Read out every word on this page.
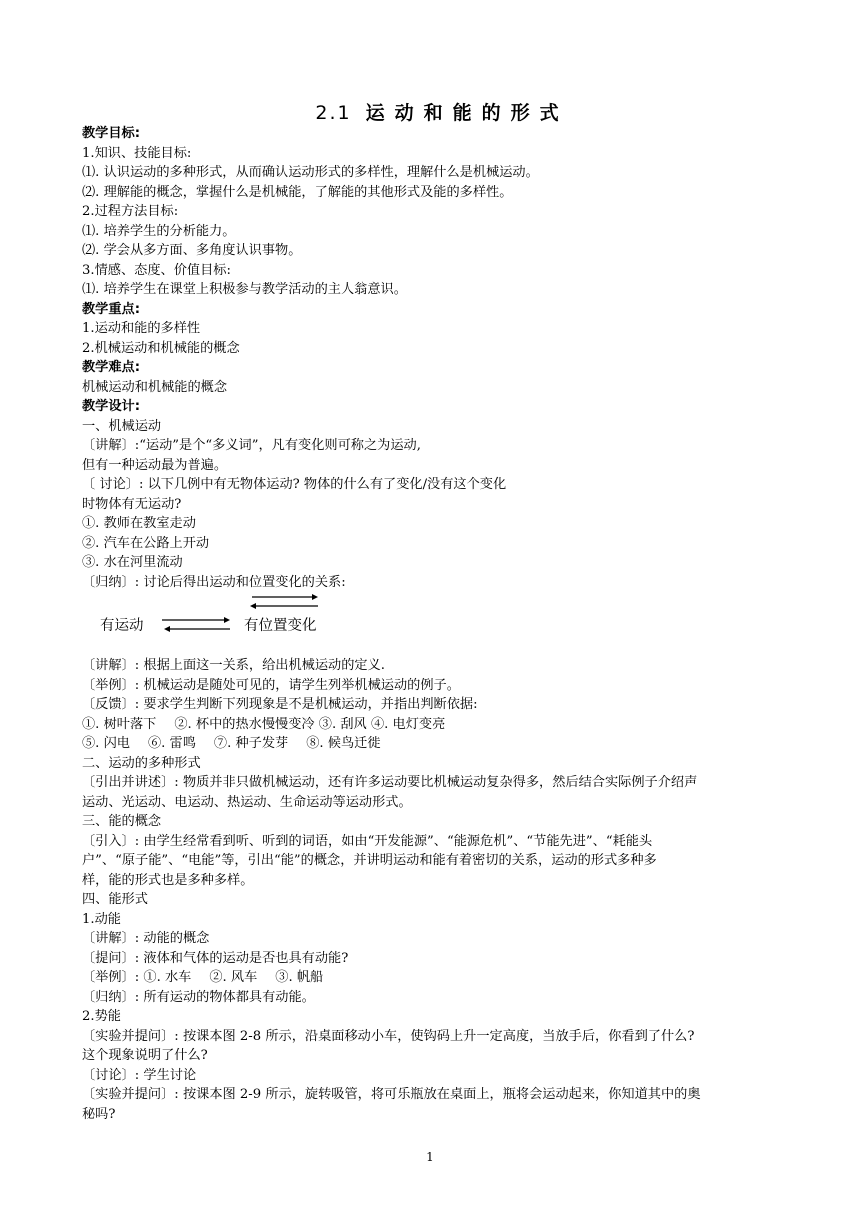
2.1 运动和能的形式
教学目标:
1.知识、技能目标:
⑴. 认识运动的多种形式，从而确认运动形式的多样性，理解什么是机械运动。
⑵. 理解能的概念，掌握什么是机械能，了解能的其他形式及能的多样性。
2.过程方法目标:
⑴. 培养学生的分析能力。
⑵. 学会从多方面、多角度认识事物。
3.情感、态度、价值目标:
⑴. 培养学生在课堂上积极参与教学活动的主人翁意识。
教学重点:
1.运动和能的多样性
2.机械运动和机械能的概念
教学难点:
机械运动和机械能的概念
教学设计:
一、机械运动
〔讲解〕:“运动”是个“多义词”，凡有变化则可称之为运动,
但有一种运动最为普遍。
〔 讨论〕: 以下几例中有无物体运动? 物体的什么有了变化/没有这个变化
时物体有无运动?
①. 教师在教室走动
②. 汽车在公路上开动
③. 水在河里流动
〔归纳〕: 讨论后得出运动和位置变化的关系:
有运动	有位置变化
〔讲解〕: 根据上面这一关系，给出机械运动的定义.
〔举例〕: 机械运动是随处可见的，请学生列举机械运动的例子。
〔反馈〕: 要求学生判断下列现象是不是机械运动，并指出判断依据:
①. 树叶落下 ②. 杯中的热水慢慢变冷 ③. 刮风 ④. 电灯变亮
⑤. 闪电 ⑥. 雷鸣 ⑦. 种子发芽 ⑧. 候鸟迁徙
二、运动的多种形式
〔引出并讲述〕: 物质并非只做机械运动，还有许多运动要比机械运动复杂得多，然后结合实际例子介绍声
运动、光运动、电运动、热运动、生命运动等运动形式。
三、能的概念
〔引入〕: 由学生经常看到听、听到的词语，如由“开发能源”、“能源危机”、“节能先进”、“耗能头
户”、“原子能”、“电能”等，引出“能”的概念，并讲明运动和能有着密切的关系，运动的形式多种多
样，能的形式也是多种多样。
四、能形式
1.动能
〔讲解〕: 动能的概念
〔提问〕: 液体和气体的运动是否也具有动能?
〔举例〕: ①. 水车 ②. 风车 ③. 帆船
〔归纳〕: 所有运动的物体都具有动能。
2.势能
〔实验并提问〕: 按课本图 2-8 所示，沿桌面移动小车，使钩码上升一定高度，当放手后，你看到了什么?
这个现象说明了什么?
〔讨论〕: 学生讨论
〔实验并提问〕: 按课本图 2-9 所示，旋转吸管，将可乐瓶放在桌面上，瓶将会运动起来，你知道其中的奥
秘吗?
1
